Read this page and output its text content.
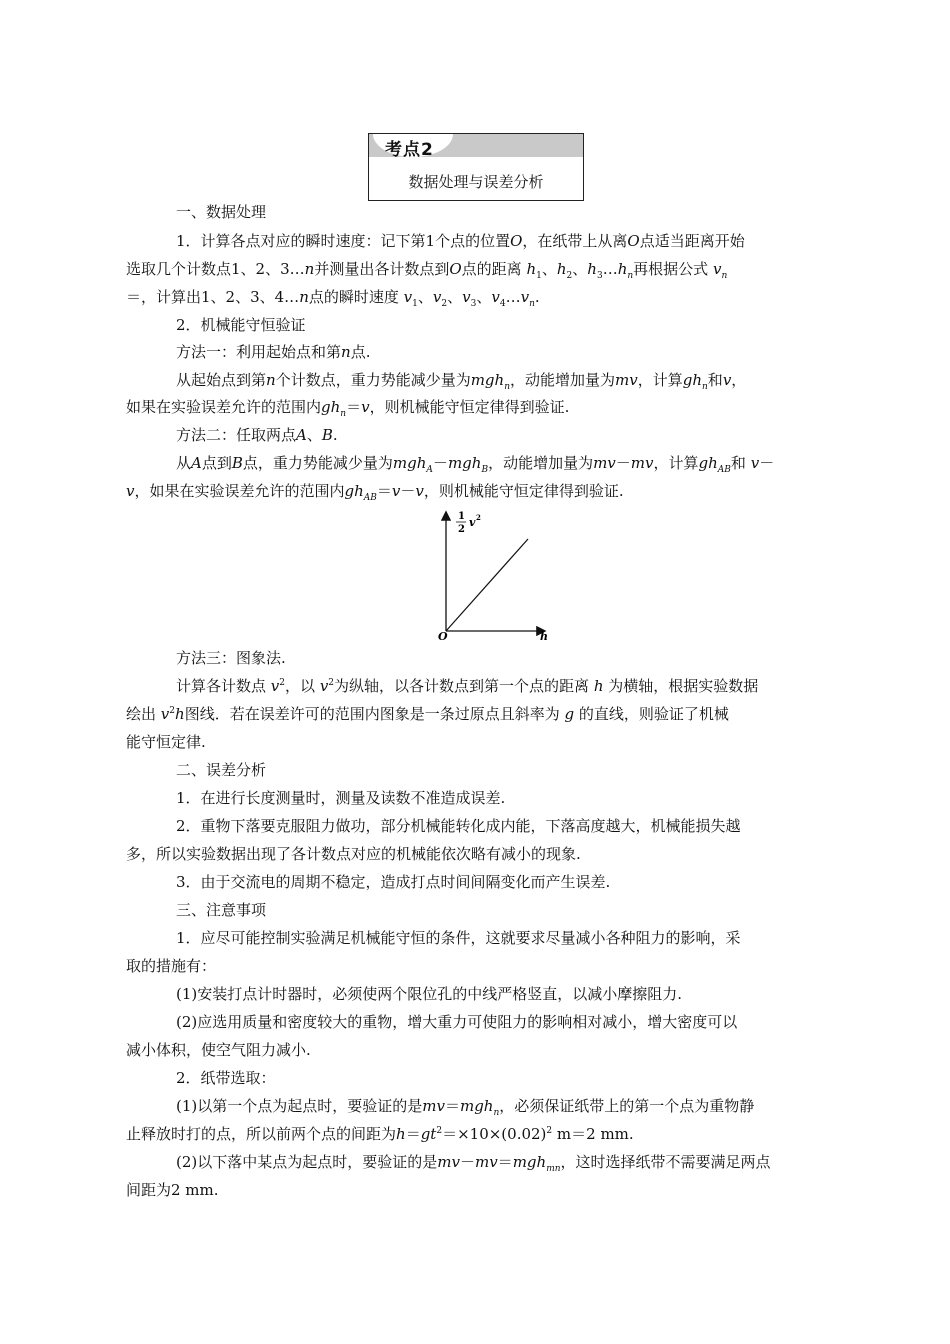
考点2
数据处理与误差分析
一、数据处理
1．计算各点对应的瞬时速度：记下第1个点的位置O，在纸带上从离O点适当距离开始
选取几个计数点1、2、3…n并测量出各计数点到O点的距离 $h_1$、$h_2$、$h_3\dots h_n$再根据公式 $v_n$
＝，计算出1、2、3、4…n点的瞬时速度 $v_1$、$v_2$、$v_3$、$v_4\dots v_n$.
2．机械能守恒验证
方法一：利用起始点和第n点.
从起始点到第n个计数点，重力势能减少量为mgh$_n$，动能增加量为mv，计算$gh_n$和v，
如果在实验误差允许的范围内$gh_n=v$，则机械能守恒定律得到验证.
方法二：任取两点A、B.
从A点到B点，重力势能减少量为mgh$_A$－mgh$_B$，动能增加量为mv－mv，计算$gh_{AB}$和 v－
v，如果在实验误差允许的范围内$gh_{AB}=v-v$，则机械能守恒定律得到验证.
1
2
v 2
O	h
方法三：图象法.
计算各计数点 $v^2$，以 $v^2$为纵轴，以各计数点到第一个点的距离 h 为横轴，根据实验数据
绘出 $v^2h$图线．若在误差许可的范围内图象是一条过原点且斜率为 g 的直线，则验证了机械
能守恒定律.
二、误差分析
1．在进行长度测量时，测量及读数不准造成误差.
2．重物下落要克服阻力做功，部分机械能转化成内能，下落高度越大，机械能损失越
多，所以实验数据出现了各计数点对应的机械能依次略有减小的现象.
3．由于交流电的周期不稳定，造成打点时间间隔变化而产生误差.
三、注意事项
1．应尽可能控制实验满足机械能守恒的条件，这就要求尽量减小各种阻力的影响，采
取的措施有：
(1)安装打点计时器时，必须使两个限位孔的中线严格竖直，以减小摩擦阻力.
(2)应选用质量和密度较大的重物，增大重力可使阻力的影响相对减小，增大密度可以
减小体积，使空气阻力减小.
2．纸带选取：
(1)以第一个点为起点时，要验证的是mv＝mgh$_n$，必须保证纸带上的第一个点为重物静
止释放时打的点，所以前两个点的间距为$h=gt^2=\times 10\times(0.02)^2$ m＝2 mm.
(2)以下落中某点为起点时，要验证的是mv－mv＝mgh$_{mn}$，这时选择纸带不需要满足两点
间距为2 mm.
